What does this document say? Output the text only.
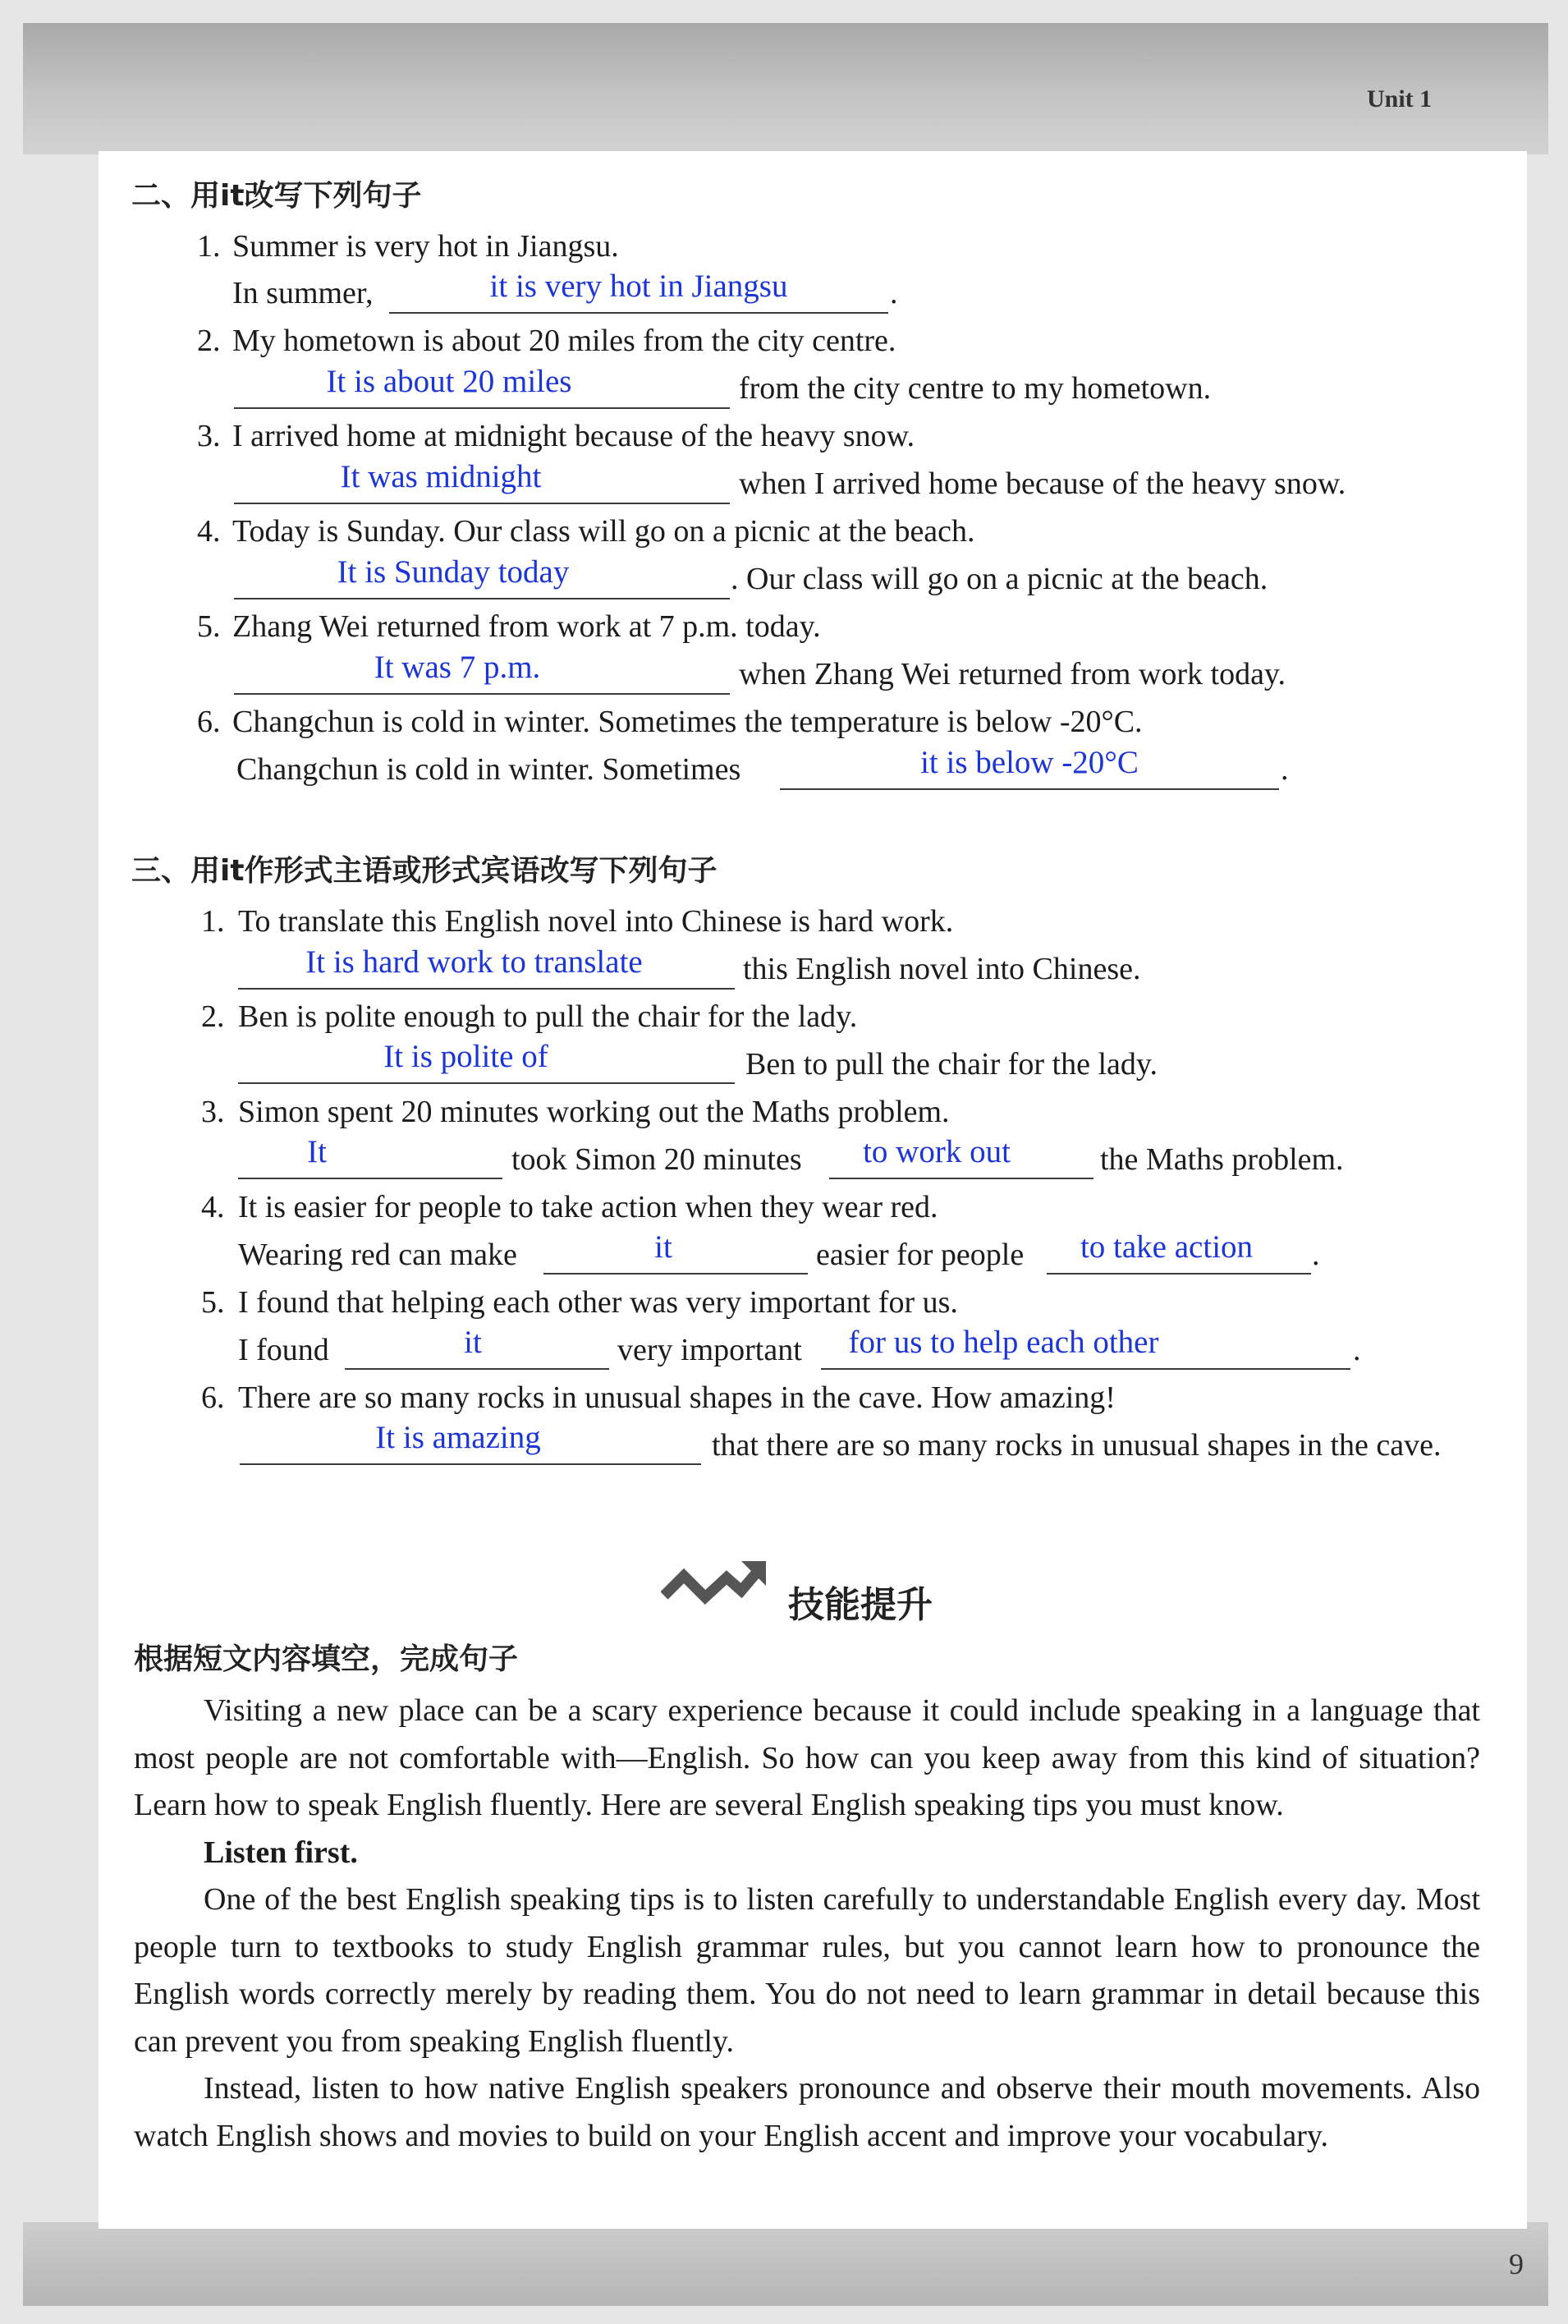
Unit 1
9
二、用it改写下列句子
1. Summer is very hot in Jiangsu.
In summer,	it is very hot in Jiangsu	.
2. My hometown is about 20 miles from the city centre.
It is about 20 miles	from the city centre to my hometown.
3. I arrived home at midnight because of the heavy snow.
It was midnight	when I arrived home because of the heavy snow.
4. Today is Sunday. Our class will go on a picnic at the beach.
It is Sunday today	. Our class will go on a picnic at the beach.
5. Zhang Wei returned from work at 7 p.m. today.
It was 7 p.m.	when Zhang Wei returned from work today.
6. Changchun is cold in winter. Sometimes the temperature is below -20°C.
Changchun is cold in winter. Sometimes	it is below -20°C	.
三、用it作形式主语或形式宾语改写下列句子
1. To translate this English novel into Chinese is hard work.
It is hard work to translate	this English novel into Chinese.
2. Ben is polite enough to pull the chair for the lady.
It is polite of	Ben to pull the chair for the lady.
3. Simon spent 20 minutes working out the Maths problem.
It	took Simon 20 minutes	to work out	the Maths problem.
4. It is easier for people to take action when they wear red.
Wearing red can make	it	easier for people	to take action	.
5. I found that helping each other was very important for us.
I found	it	very important	for us to help each other	.
6. There are so many rocks in unusual shapes in the cave. How amazing!
It is amazing	that there are so many rocks in unusual shapes in the cave.
技能提升
根据短文内容填空，完成句子

Visiting a new place can be a scary experience because it could include speaking in a language that most people are not comfortable with—English. So how can you keep away from this kind of situation? Learn how to speak English fluently. Here are several English speaking tips you must know.

Listen first.

One of the best English speaking tips is to listen carefully to understandable English every day. Most people turn to textbooks to study English grammar rules, but you cannot learn how to pronounce the English words correctly merely by reading them. You do not need to learn grammar in detail because this can prevent you from speaking English fluently.

Instead, listen to how native English speakers pronounce and observe their mouth movements. Also watch English shows and movies to build on your English accent and improve your vocabulary.
